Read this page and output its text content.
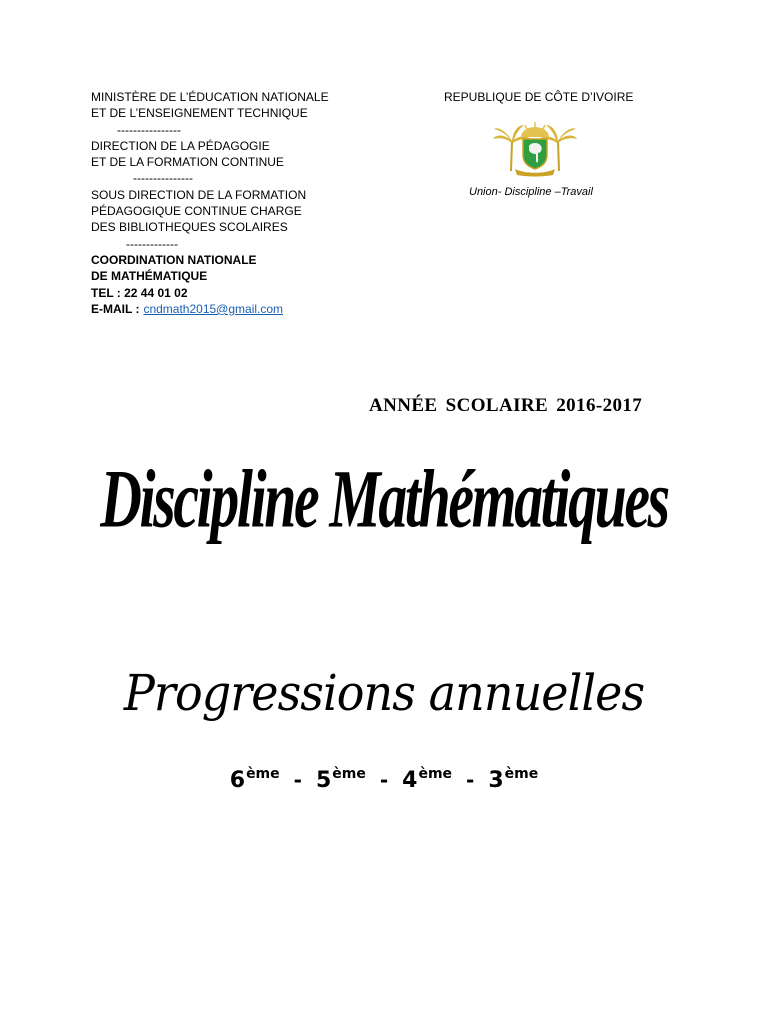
MINISTÈRE DE L’ÉDUCATION NATIONALE
ET DE L’ENSEIGNEMENT TECHNIQUE
----------------
DIRECTION DE LA PÉDAGOGIE
ET DE LA FORMATION CONTINUE
---------------
SOUS DIRECTION DE LA FORMATION
PÉDAGOGIQUE CONTINUE CHARGE
DES BIBLIOTHEQUES SCOLAIRES
-------------
COORDINATION NATIONALE
DE MATHÉMATIQUE
TEL : 22 44 01 02
E-MAIL : cndmath2015@gmail.com
REPUBLIQUE DE CÔTE D’IVOIRE
Union- Discipline –Travail
ANNÉE SCOLAIRE 2016-2017
Discipline Mathématiques
Progressions annuelles
6ème - 5ème - 4ème - 3ème
